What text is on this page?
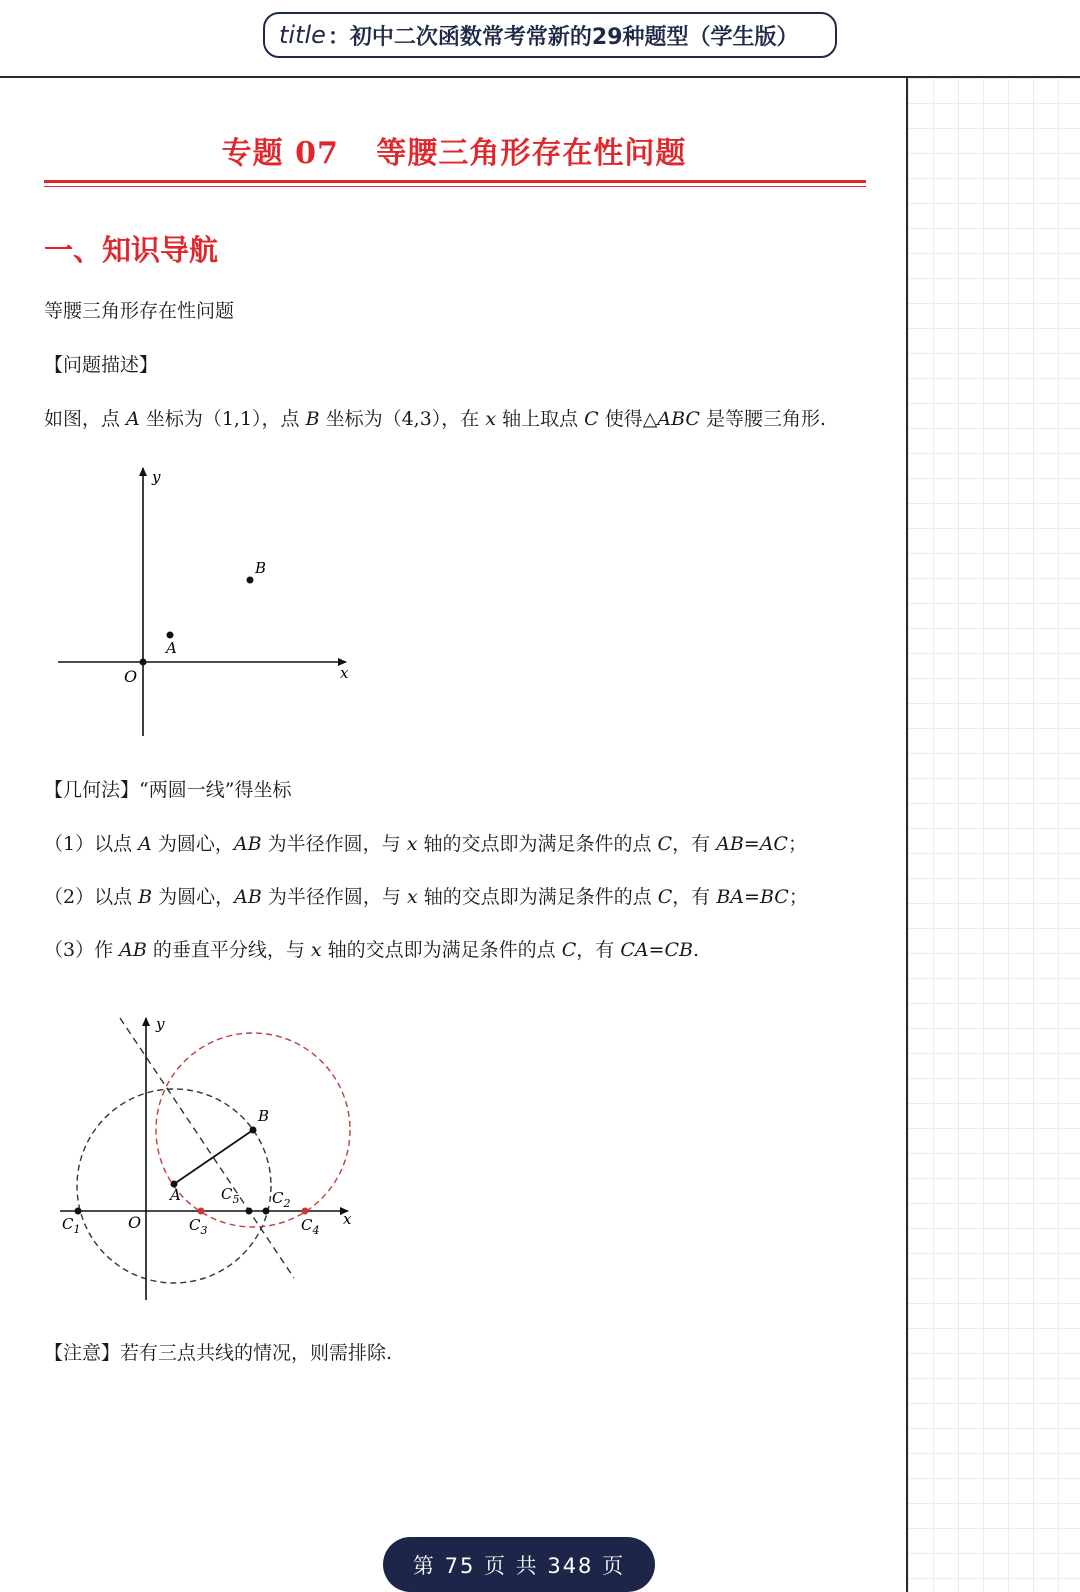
title ：初中二次函数常考常新的29种题型（学生版）
专题 07 等腰三角形存在性问题
一、知识导航
等腰三角形存在性问题
【问题描述】
如图，点 A 坐标为（1,1），点 B 坐标为（4,3），在 x 轴上取点 C 使得△ABC 是等腰三角形.
y
x
O
A
B
【几何法】“两圆一线”得坐标
（1）以点 A 为圆心，AB 为半径作圆，与 x 轴的交点即为满足条件的点 C，有 AB=AC；
（2）以点 B 为圆心，AB 为半径作圆，与 x 轴的交点即为满足条件的点 C，有 BA=BC；
（3）作 AB 的垂直平分线，与 x 轴的交点即为满足条件的点 C，有 CA=CB.
y
x
O
A
B
$C_1$	$C_3$
$C_5$ $C_2$
$C_4$
【注意】若有三点共线的情况，则需排除.
第 75 页 共 348 页
